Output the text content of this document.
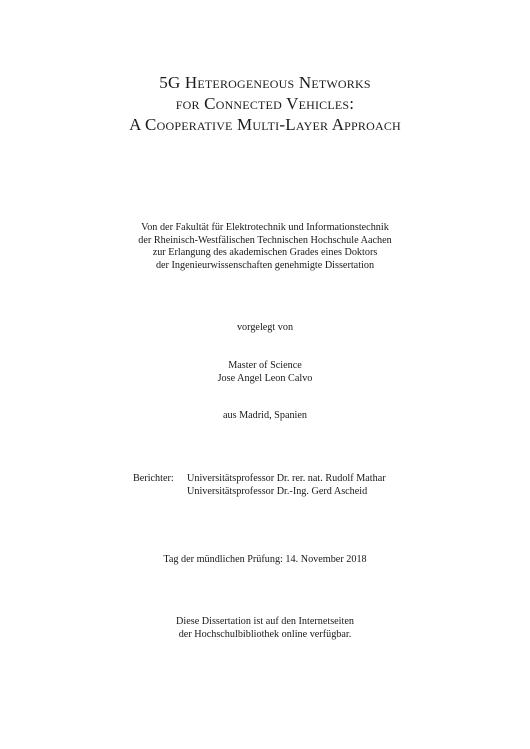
5G Heterogeneous Networks
for Connected Vehicles:
A Cooperative Multi-Layer Approach
Von der Fakultät für Elektrotechnik und Informationstechnik
der Rheinisch-Westfälischen Technischen Hochschule Aachen
zur Erlangung des akademischen Grades eines Doktors
der Ingenieurwissenschaften genehmigte Dissertation
vorgelegt von
Master of Science
Jose Angel Leon Calvo
aus Madrid, Spanien
Berichter:	Universitätsprofessor Dr. rer. nat. Rudolf Mathar
Universitätsprofessor Dr.-Ing. Gerd Ascheid
Tag der mündlichen Prüfung: 14. November 2018
Diese Dissertation ist auf den Internetseiten
der Hochschulbibliothek online verfügbar.
